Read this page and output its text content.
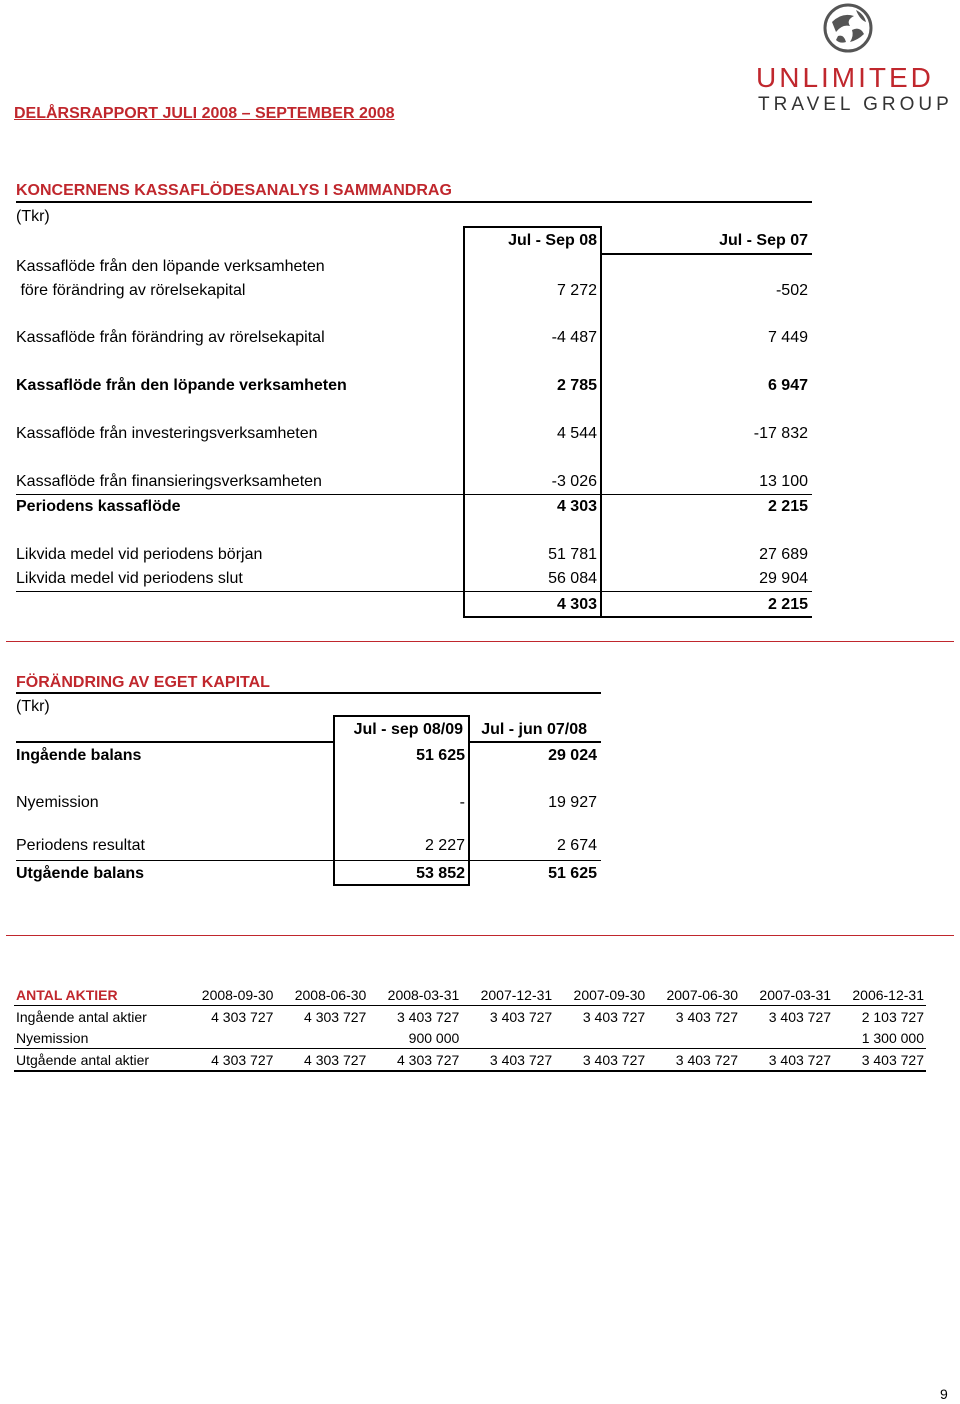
DELÅRSRAPPORT JULI 2008 – SEPTEMBER 2008
UNLIMITED
TRAVEL GROUP
KONCERNENS KASSAFLÖDESANALYS I SAMMANDRAG
(Tkr)
Jul - Sep 08	Jul - Sep 07
Kassaflöde från den löpande verksamheten
före förändring av rörelsekapital	7 272	-502
Kassaflöde från förändring av rörelsekapital	-4 487	7 449
Kassaflöde från den löpande verksamheten	2 785	6 947
Kassaflöde från investeringsverksamheten	4 544	-17 832
Kassaflöde från finansieringsverksamheten	-3 026	13 100
Periodens kassaflöde	4 303	2 215
Likvida medel vid periodens början	51 781	27 689
Likvida medel vid periodens slut	56 084	29 904
4 303	2 215
FÖRÄNDRING AV EGET KAPITAL
(Tkr)
Jul - sep 08/09	Jul - jun 07/08
Ingående balans	51 625	29 024
Nyemission	-	19 927
Periodens resultat	2 227	2 674
Utgående balans	53 852	51 625
ANTAL AKTIER	2008-09-30	2008-06-30	2008-03-31	2007-12-31	2007-09-30	2007-06-30	2007-03-31	2006-12-31
Ingående antal aktier	4 303 727	4 303 727	3 403 727	3 403 727	3 403 727	3 403 727	3 403 727	2 103 727
Nyemission			900 000					1 300 000
Utgående antal aktier	4 303 727	4 303 727	4 303 727	3 403 727	3 403 727	3 403 727	3 403 727	3 403 727
9
